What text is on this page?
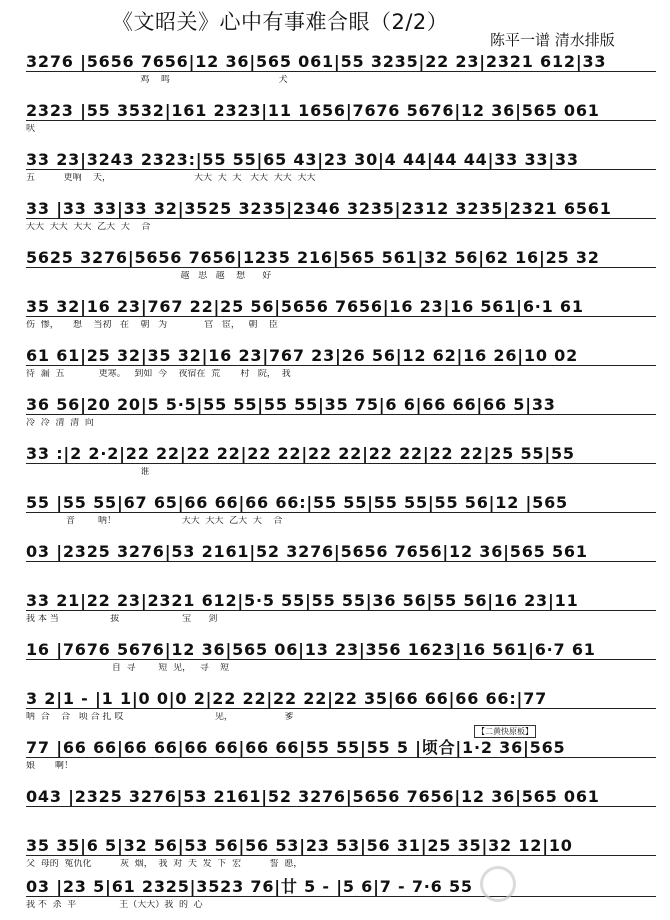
《文昭关》心中有事难合眼（2/2）
陈平一谱 清水排版
3276 |5656 7656|12 36|565 061|55 3235|22 23|2321 612|33
鸡    鸣                                      犬
2323 |55 3532|161 2323|11 1656|7676 5676|12 36|565 061
吠
33 23|3243 2323:|55 55|65 43|23 30|4 44|44 44|33 33|33
五          更响    天，                             大大  大  大   大大  大大  大大
33 |33 33|33 32|3525 3235|2346 3235|2312 3235|2321 6561
大大  大大  大大  乙大  大    合
5625 3276|5656 7656|1235 216|565 561|32 56|62 16|25 32
越   思   越    想      好
35 32|16 23|767 22|25 56|5656 7656|16 23|16 561|6·1 61
伤  惨，     想    当初   在    朝   为             官   宦，   朝    臣
61 61|25 32|35 32|16 23|767 23|26 56|12 62|16 26|10 02
待  漏  五            更寒。   到如  今    夜宿在  荒       村   院，  我
36 56|20 20|5 5·5|55 55|55 55|35 75|6 6|66 66|66 5|33
冷  冷  清  清  向
33 :|2 2·2|22 22|22 22|22 22|22 22|22 22|22 22|25 55|55
谁
55 |55 55|67 65|66 66|66 66:|55 55|55 55|55 56|12 |565
音        呐！                       大大  大大  乙大  大    合
03 |2325 3276|53 2161|52 3276|5656 7656|12 36|565 561
33 21|22 23|2321 612|5·5 55|55 55|36 56|55 56|16 23|11
我 本 当                  拔                      宝      剑
16 |7676 5676|12 36|565 06|13 23|356 1623|16 561|6·7 61
自  寻        短  见，   寻    短
3 2|1 - |1 1|0 0|0 2|22 22|22 22|22 35|66 66|66 66:|77
呐  合    合   顷 合 扎 哎                                见，                  爹
【二黄快原板】
77 |66 66|66 66|66 66|66 66|55 55|55 5 |顷合|1·2 36|565
娘       啊！
043 |2325 3276|53 2161|52 3276|5656 7656|12 36|565 061
35 35|6 5|32 56|53 56|56 53|23 53|56 31|25 35|32 12|10
父  母的  冤仇化          灰  烟，  我  对  天  发  下  宏          誓  愿，
03 |23 5|61 2325|3523 76|廿 5 - |5 6|7 - 7·6 55
我 不  杀  平               王（大大）我  的  心
